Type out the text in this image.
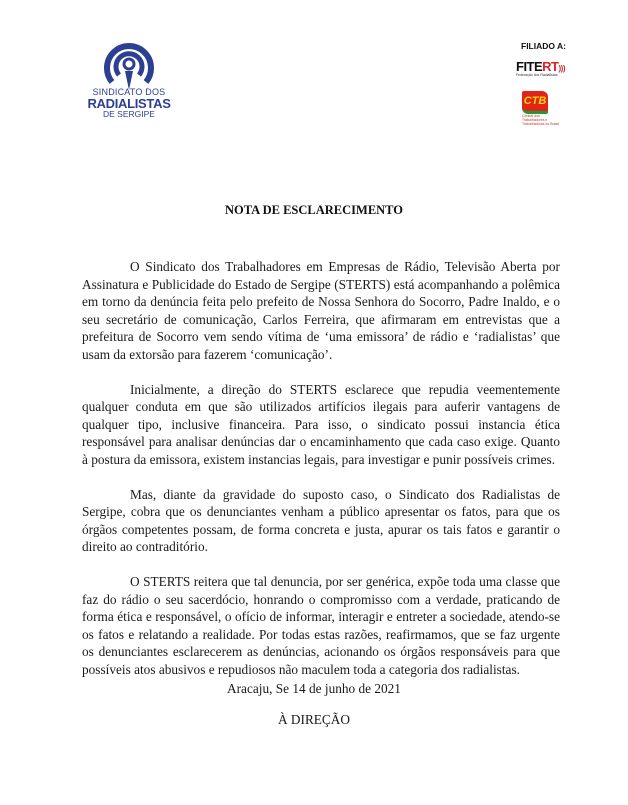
SINDICATO DOS
RADIALISTAS
DE SERGIPE
FILIADO A:
FITERT)))
Federação dos Radialistas
CTB
Central dos Trabalhadores e Trabalhadoras do Brasil
NOTA DE ESCLARECIMENTO

O Sindicato dos Trabalhadores em Empresas de Rádio, Televisão Aberta por Assinatura e Publicidade do Estado de Sergipe (STERTS) está acompanhando a polêmica em torno da denúncia feita pelo prefeito de Nossa Senhora do Socorro, Padre Inaldo, e o seu secretário de comunicação, Carlos Ferreira, que afirmaram em entrevistas que a prefeitura de Socorro vem sendo vítima de ‘uma emissora’ de rádio e ‘radialistas’ que usam da extorsão para fazerem ‘comunicação’.

Inicialmente, a direção do STERTS esclarece que repudia veementemente qualquer conduta em que são utilizados artifícios ilegais para auferir vantagens de qualquer tipo, inclusive financeira. Para isso, o sindicato possui instancia ética responsável para analisar denúncias dar o encaminhamento que cada caso exige. Quanto à postura da emissora, existem instancias legais, para investigar e punir possíveis crimes.

Mas, diante da gravidade do suposto caso, o Sindicato dos Radialistas de Sergipe, cobra que os denunciantes venham a público apresentar os fatos, para que os órgãos competentes possam, de forma concreta e justa, apurar os tais fatos e garantir o direito ao contraditório.

O STERTS reitera que tal denuncia, por ser genérica, expõe toda uma classe que faz do rádio o seu sacerdócio, honrando o compromisso com a verdade, praticando de forma ética e responsável, o ofício de informar, interagir e entreter a sociedade, atendo-se os fatos e relatando a realidade. Por todas estas razões, reafirmamos, que se faz urgente os denunciantes esclarecerem as denúncias, acionando os órgãos responsáveis para que possíveis atos abusivos e repudiosos não maculem toda a categoria dos radialistas.

Aracaju, Se 14 de junho de 2021
À DIREÇÃO
